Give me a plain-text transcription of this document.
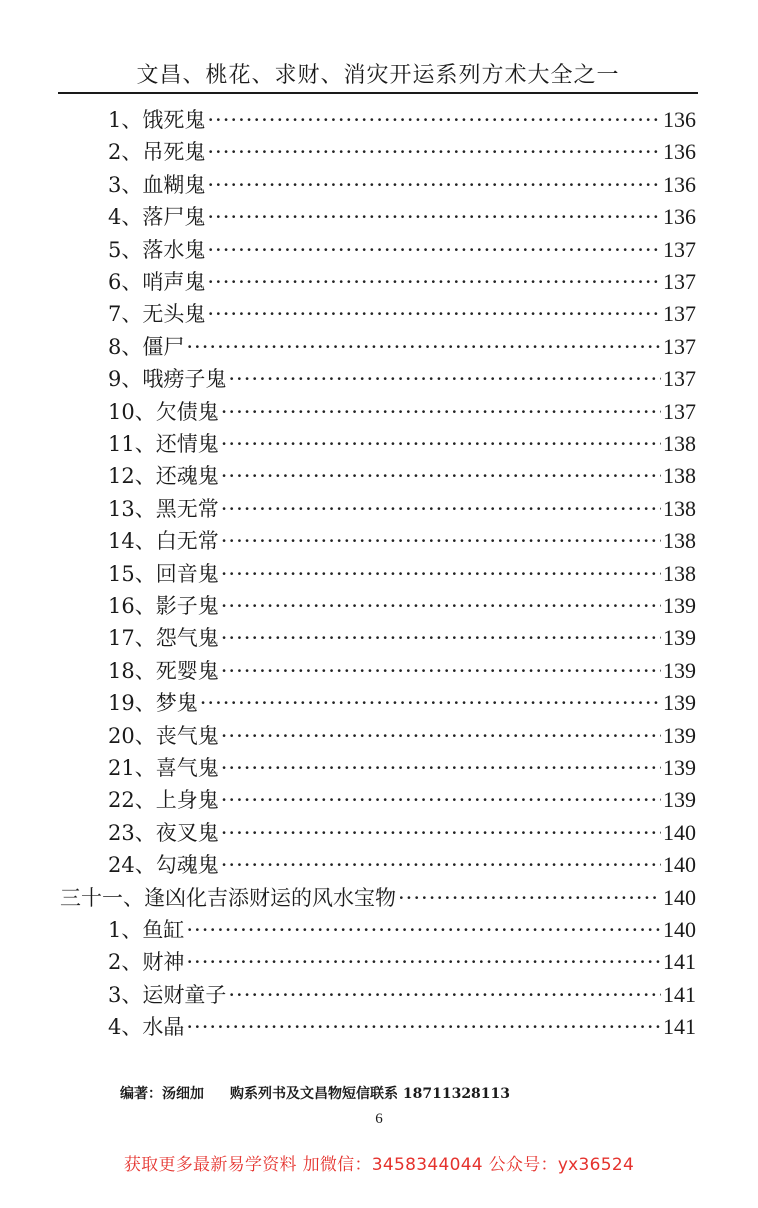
文昌、桃花、求财、消灾开运系列方术大全之一
1、饿死鬼 ·····	136
2、吊死鬼 ·····	136
3、血糊鬼 ·····	136
4、落尸鬼 ·····	136
5、落水鬼 ·····	137
6、哨声鬼 ·····	137
7、无头鬼 ·····	137
8、僵尸 ·····	137
9、哦痨子鬼 ·····	137
10、欠债鬼 ·····	137
11、还情鬼 ·····	138
12、还魂鬼 ·····	138
13、黑无常 ·····	138
14、白无常 ·····	138
15、回音鬼 ·····	138
16、影子鬼 ·····	139
17、怨气鬼 ·····	139
18、死婴鬼 ·····	139
19、梦鬼 ·····	139
20、丧气鬼 ·····	139
21、喜气鬼 ·····	139
22、上身鬼 ·····	139
23、夜叉鬼 ·····	140
24、勾魂鬼 ·····	140
三十一、逢凶化吉添财运的风水宝物 ·····	140
1、鱼缸 ·····	140
2、财神 ·····	141
3、运财童子 ·····	141
4、水晶 ·····	141
编著：汤细加 购系列书及文昌物短信联系 18711328113
6
获取更多最新易学资料 加微信：3458344044 公众号：yx36524
